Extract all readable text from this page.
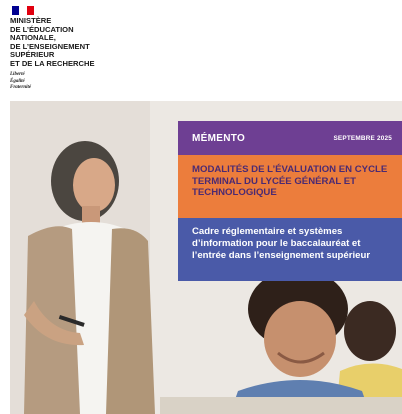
MINISTÈRE
DE L’ÉDUCATION
NATIONALE,
DE L’ENSEIGNEMENT
SUPÉRIEUR
ET DE LA RECHERCHE
Liberté
Égalité
Fraternité
MÉMENTO	SEPTEMBRE 2025
MODALITÉS DE L’ÉVALUATION EN CYCLE TERMINAL DU LYCÉE GÉNÉRAL ET TECHNOLOGIQUE
Cadre réglementaire et systèmes d’information pour le baccalauréat et l’entrée dans l’enseignement supérieur
